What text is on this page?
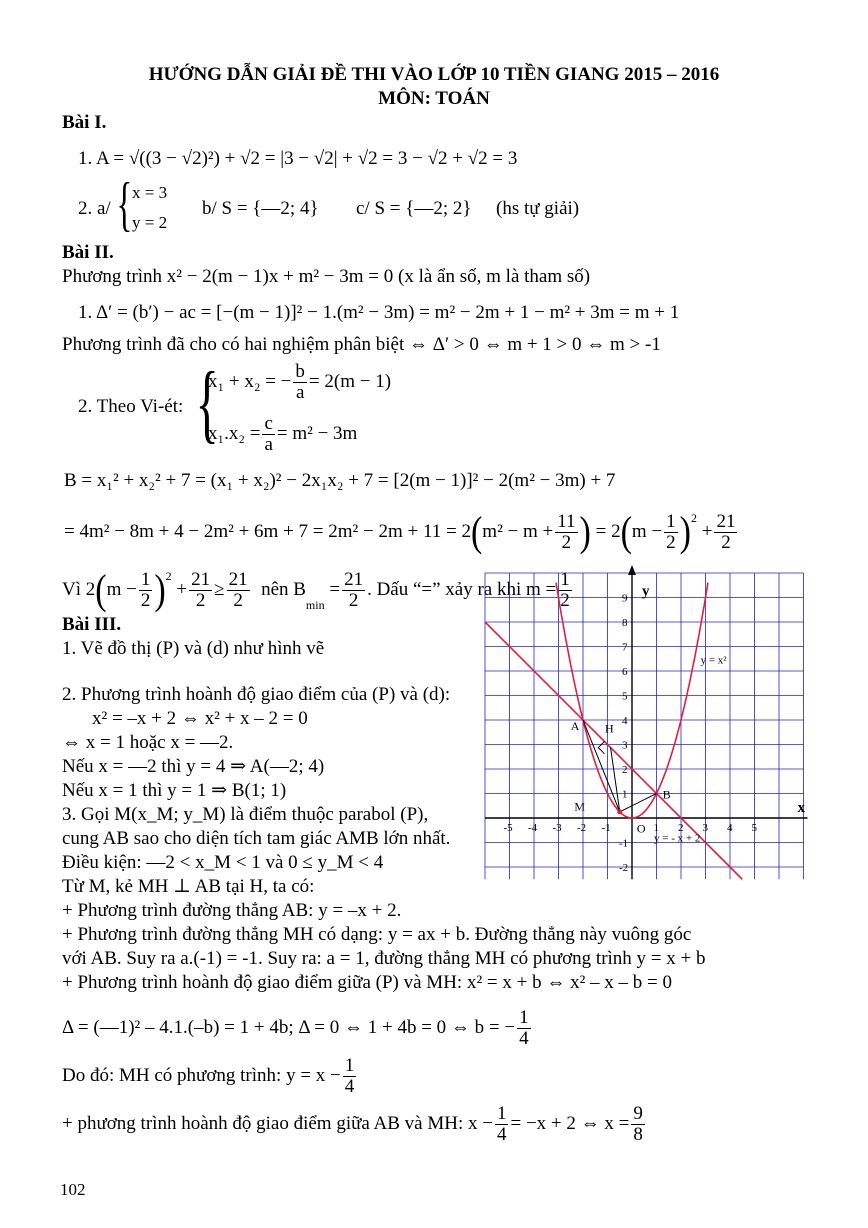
HƯỚNG DẪN GIẢI ĐỀ THI VÀO LỚP 10 TIỀN GIANG 2015 – 2016
MÔN: TOÁN
Bài I.
1. A = √((3 − √2)²) + √2 = |3 − √2| + √2 = 3 − √2 + √2 = 3
2. a/ { x = 3
y = 2
b/ S = {—2; 4} c/ S = {—2; 2} (hs tự giải)
Bài II.
Phương trình x² − 2(m − 1)x + m² − 3m = 0 (x là ẩn số, m là tham số)
1. Δ′ = (b′) − ac = [−(m − 1)]² − 1.(m² − 3m) = m² − 2m + 1 − m² + 3m = m + 1
Phương trình đã cho có hai nghiệm phân biệt ⇔ Δ′ > 0 ⇔ m + 1 > 0 ⇔ m > -1
2. Theo Vi-ét: {
x₁ + x₂ = − $\frac{b}{a} = 2(m - 1)$
$x_1.x_2 = \frac{c}{a} = m^2 - 3m$
B = x₁² + x₂² + 7 = (x₁ + x₂)² − 2x₁x₂ + 7 = [2(m − 1)]² − 2(m² − 3m) + 7
= $4m^2 - 8m + 4 - 2m^2 + 6m + 7 = 2m^2 - 2m + 11 = 2(m^2 - m + \frac{11}{2}$ ) = $2(m - \frac{1}{2} )^2 + \frac{21}{2}$
Vì $2(m - \frac{1}{2} )^2 + \frac{21}{2} \ge \frac{21}{2}$ nên $Bmin = \frac{21}{2}$ . Dấu “=” xảy ra khi $m = \frac{1}{2}$
Bài III.
1. Vẽ đồ thị (P) và (d) như hình vẽ
2. Phương trình hoành độ giao điểm của (P) và (d):
x² = –x + 2 ⇔ x² + x – 2 = 0
⇔ x = 1 hoặc x = —2.
Nếu x = —2 thì y = 4 ⇒ A(—2; 4)
Nếu x = 1 thì y = 1 ⇒ B(1; 1)
3. Gọi M(x_M; y_M) là điểm thuộc parabol (P),
cung AB sao cho diện tích tam giác AMB lớn nhất.
Điều kiện: —2 < x_M < 1 và 0 ≤ y_M < 4
Từ M, kẻ MH ⊥ AB tại H, ta có:
+ Phương trình đường thẳng AB: y = –x + 2.
+ Phương trình đường thẳng MH có dạng: y = ax + b. Đường thẳng này vuông góc
với AB. Suy ra a.(-1) = -1. Suy ra: a = 1, đường thẳng MH có phương trình y = x + b
+ Phương trình hoành độ giao điểm giữa (P) và MH: x² = x + b ⇔ x² – x – b = 0
Δ = (—1)² – 4.1.(–b) = 1 + 4b; Δ = 0 ⇔ 1 + 4b = 0 ⇔ b = − $\frac{1}{4}$
Do đó: MH có phương trình: $y = x - \frac{1}{4}$
+ phương trình hoành độ giao điểm giữa AB và MH: $x - \frac{1}{4} = -x + 2$ ⇔ $x = \frac{9}{8}$
-5 -4 -3 -2 -1	1 2 3 4 5
9
8
7
6
5
4
3
2
1
-1
-2
y
x
y = x²
y = - x + 2
A
B
H
M
O
102
